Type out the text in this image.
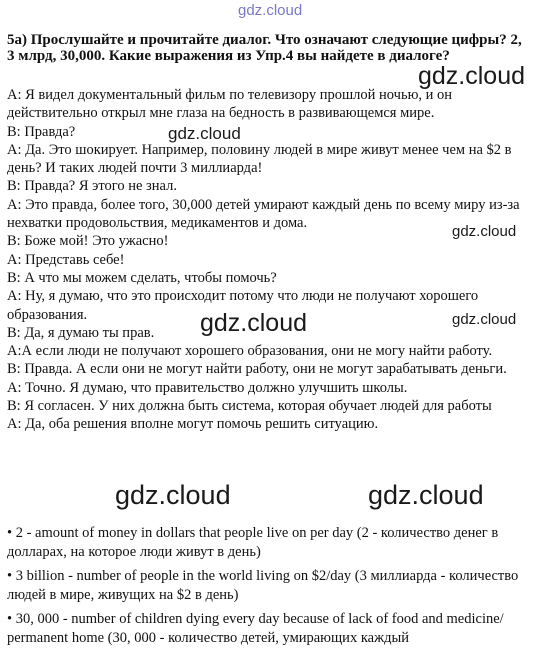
gdz.cloud
gdz.cloud
gdz.cloud
gdz.cloud
gdz.cloud	gdz.cloud
gdz.cloud	gdz.cloud
5а) Прослушайте и прочитайте диалог. Что означают следующие цифры? 2, 3 млрд, 30,000. Какие выражения из Упр.4 вы найдете в диалоге?
A: Я видел документальный фильм по телевизору прошлой ночью, и он действительно открыл мне глаза на бедность в развивающемся мире.
B: Правда?
A: Да. Это шокирует. Например, половину людей в мире живут менее чем на $2 в день? И таких людей почти 3 миллиарда!
B: Правда? Я этого не знал.
A: Это правда, более того, 30,000 детей умирают каждый день по всему миру из-за нехватки продовольствия, медикаментов и дома.
B: Боже мой! Это ужасно!
A: Представь себе!
B: А что мы можем сделать, чтобы помочь?
A: Ну, я думаю, что это происходит потому что люди не получают хорошего образования.
B: Да, я думаю ты прав.
A:А если люди не получают хорошего образования, они не могу найти работу.
B: Правда. А если они не могут найти работу, они не могут зарабатывать деньги.
A: Точно. Я думаю, что правительство должно улучшить школы.
B: Я согласен. У них должна быть система, которая обучает людей для работы
A: Да, оба решения вполне могут помочь решить ситуацию.
• 2 - amount of money in dollars that people live on per day (2 - количество денег в долларах, на которое люди живут в день)
• 3 billion - number of people in the world living on $2/day (3 миллиарда - количество людей в мире, живущих на $2 в день)
• 30, 000 - number of children dying every day because of lack of food and medicine/ permanent home (30, 000 - количество детей, умирающих каждый
